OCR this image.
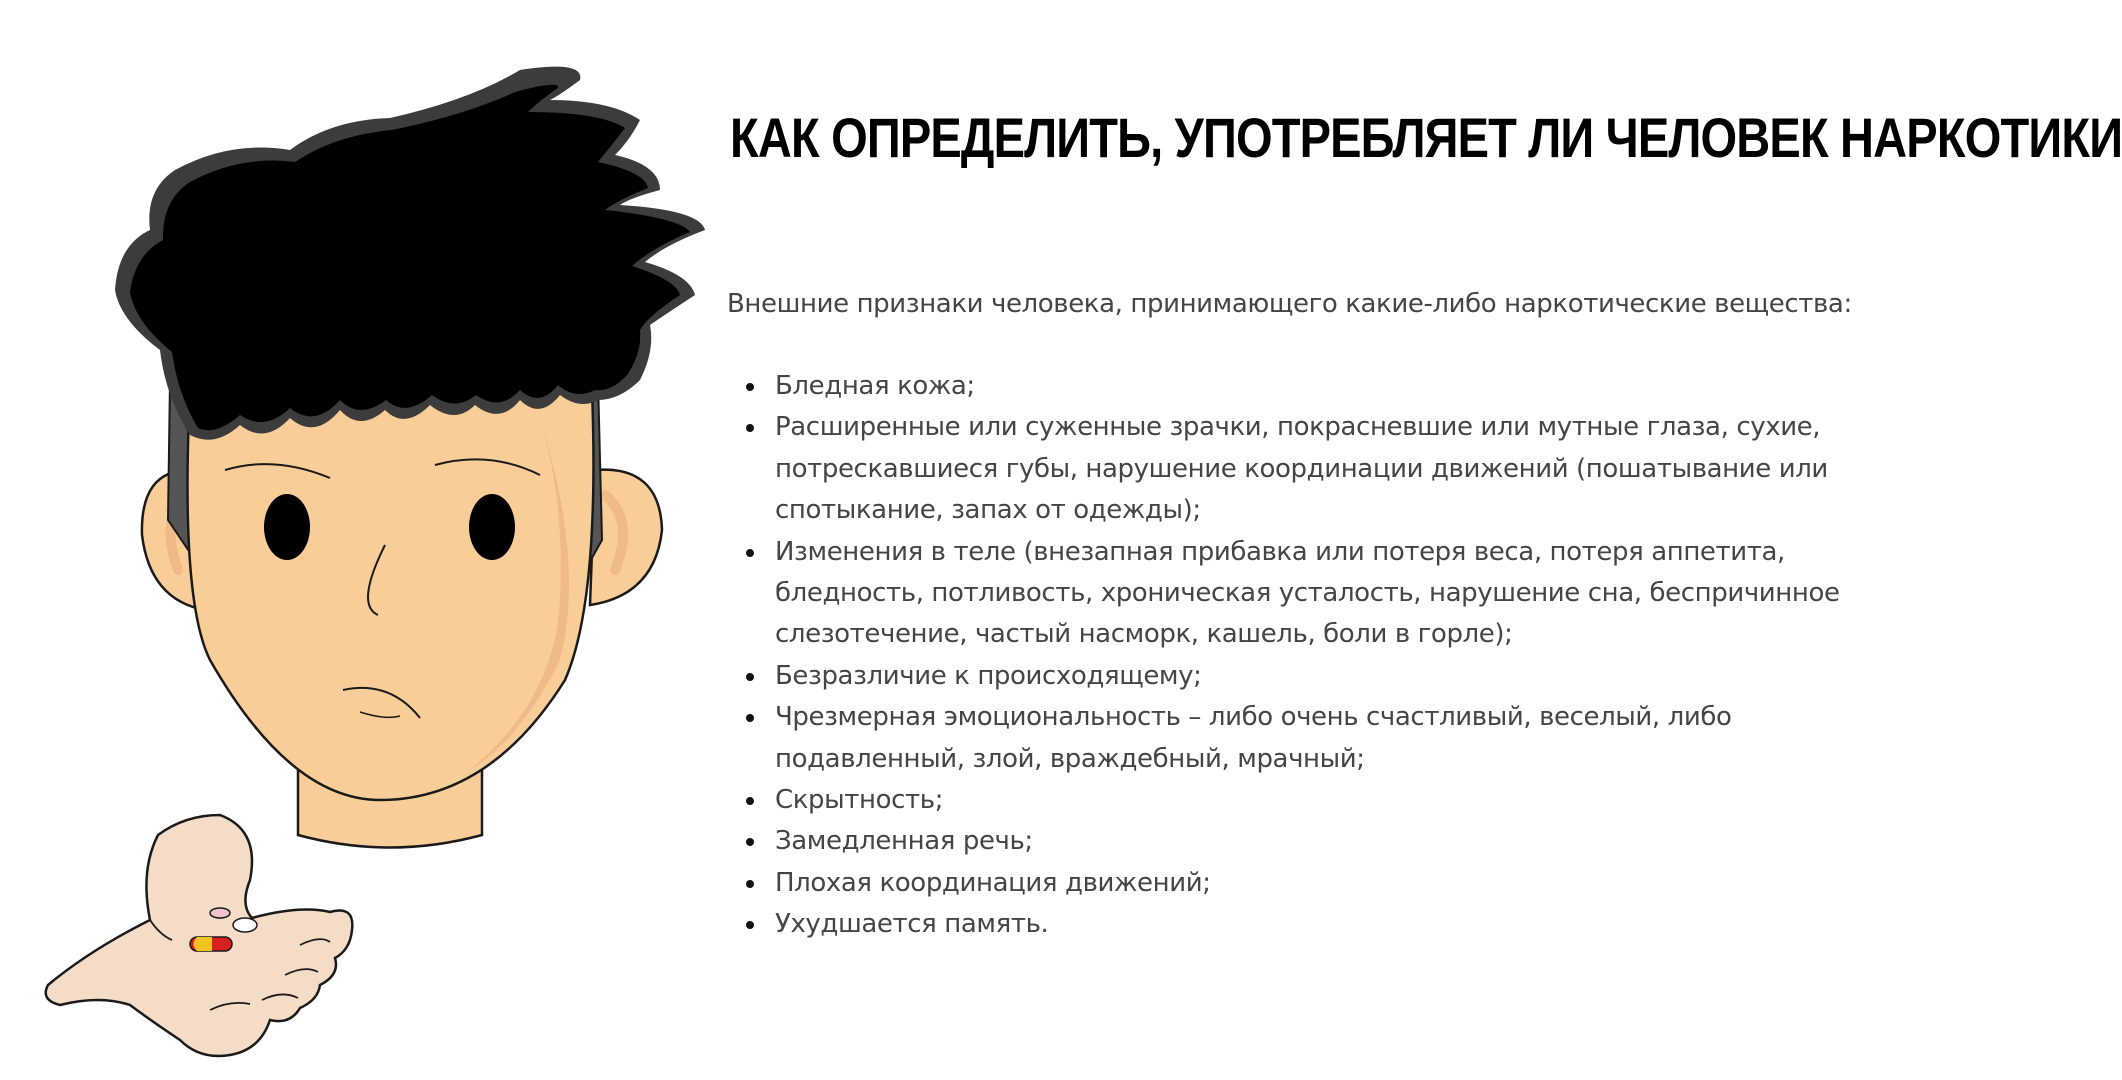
КАК ОПРЕДЕЛИТЬ, УПОТРЕБЛЯЕТ ЛИ ЧЕЛОВЕК НАРКОТИКИ

Внешние признаки человека, принимающего какие-либо наркотические вещества:

Бледная кожа;
Расширенные или суженные зрачки, покрасневшие или мутные глаза, сухие, потрескавшиеся губы, нарушение координации движений (пошатывание или спотыкание, запах от одежды);
Изменения в теле (внезапная прибавка или потеря веса, потеря аппетита, бледность, потливость, хроническая усталость, нарушение сна, беспричинное слезотечение, частый насморк, кашель, боли в горле);
Безразличие к происходящему;
Чрезмерная эмоциональность – либо очень счастливый, веселый, либо подавленный, злой, враждебный, мрачный;
Скрытность;
Замедленная речь;
Плохая координация движений;
Ухудшается память.
